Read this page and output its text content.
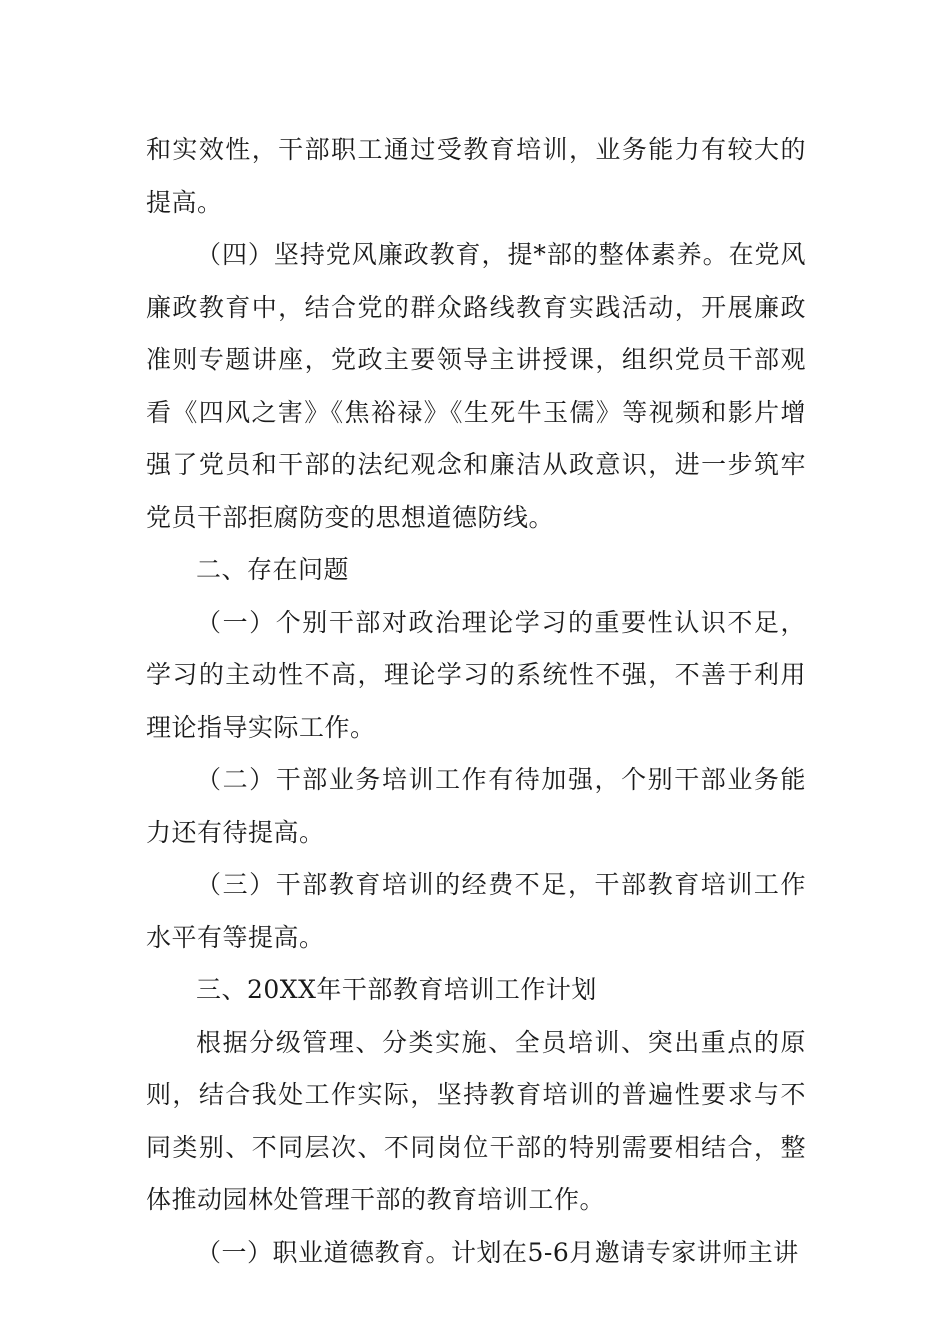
和实效性，干部职工通过受教育培训，业务能力有较大的提高。

（四）坚持党风廉政教育，提*部的整体素养。在党风廉政教育中，结合党的群众路线教育实践活动，开展廉政准则专题讲座，党政主要领导主讲授课，组织党员干部观看《四风之害》《焦裕禄》《生死牛玉儒》等视频和影片增强了党员和干部的法纪观念和廉洁从政意识，进一步筑牢党员干部拒腐防变的思想道德防线。

二、存在问题

（一）个别干部对政治理论学习的重要性认识不足，学习的主动性不高，理论学习的系统性不强，不善于利用理论指导实际工作。

（二）干部业务培训工作有待加强，个别干部业务能力还有待提高。

（三）干部教育培训的经费不足，干部教育培训工作水平有等提高。

三、20XX年干部教育培训工作计划

根据分级管理、分类实施、全员培训、突出重点的原则，结合我处工作实际，坚持教育培训的普遍性要求与不同类别、不同层次、不同岗位干部的特别需要相结合，整体推动园林处管理干部的教育培训工作。

（一）职业道德教育。计划在5-6月邀请专家讲师主讲
